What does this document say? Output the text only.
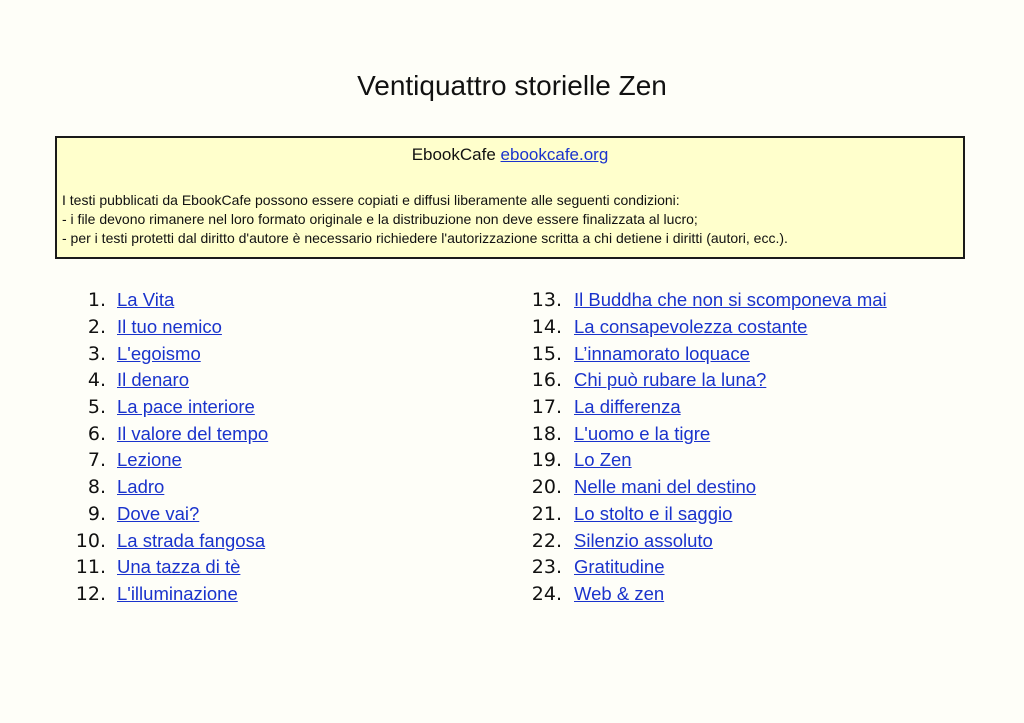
Ventiquattro storielle Zen
EbookCafe ebookcafe.org
I testi pubblicati da EbookCafe possono essere copiati e diffusi liberamente alle seguenti condizioni:
- i file devono rimanere nel loro formato originale e la distribuzione non deve essere finalizzata al lucro;
- per i testi protetti dal diritto d'autore è necessario richiedere l'autorizzazione scritta a chi detiene i diritti (autori, ecc.).
1. La Vita
2. Il tuo nemico
3. L'egoismo
4. Il denaro
5. La pace interiore
6. Il valore del tempo
7. Lezione
8. Ladro
9. Dove vai?
10. La strada fangosa
11. Una tazza di tè
12. L'illuminazione
13. Il Buddha che non si scomponeva mai
14. La consapevolezza costante
15. L’innamorato loquace
16. Chi può rubare la luna?
17. La differenza
18. L'uomo e la tigre
19. Lo Zen
20. Nelle mani del destino
21. Lo stolto e il saggio
22. Silenzio assoluto
23. Gratitudine
24. Web & zen
